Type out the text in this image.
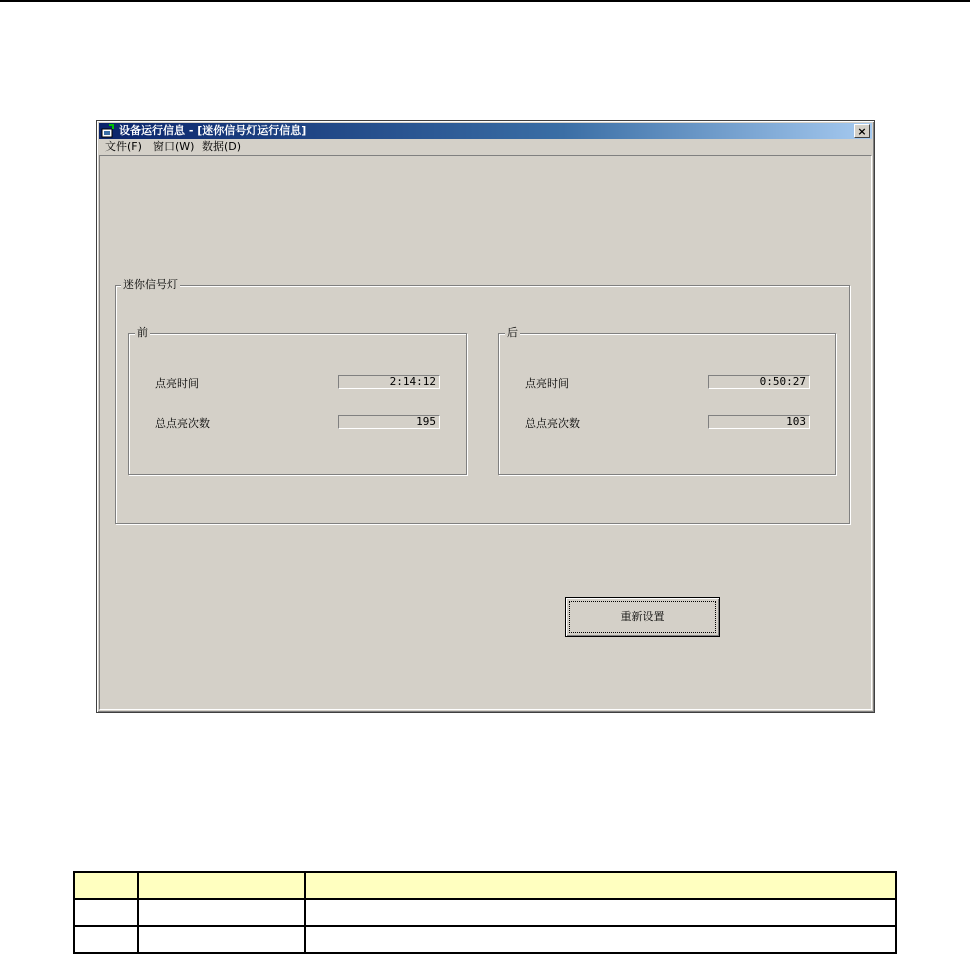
设备运行信息 - [迷你信号灯运行信息]	×
文件(F) 窗口(W) 数据(D)
迷你信号灯
前
点亮时间	2:14:12
总点亮次数	195
后
点亮时间	0:50:27
总点亮次数	103
重新设置
